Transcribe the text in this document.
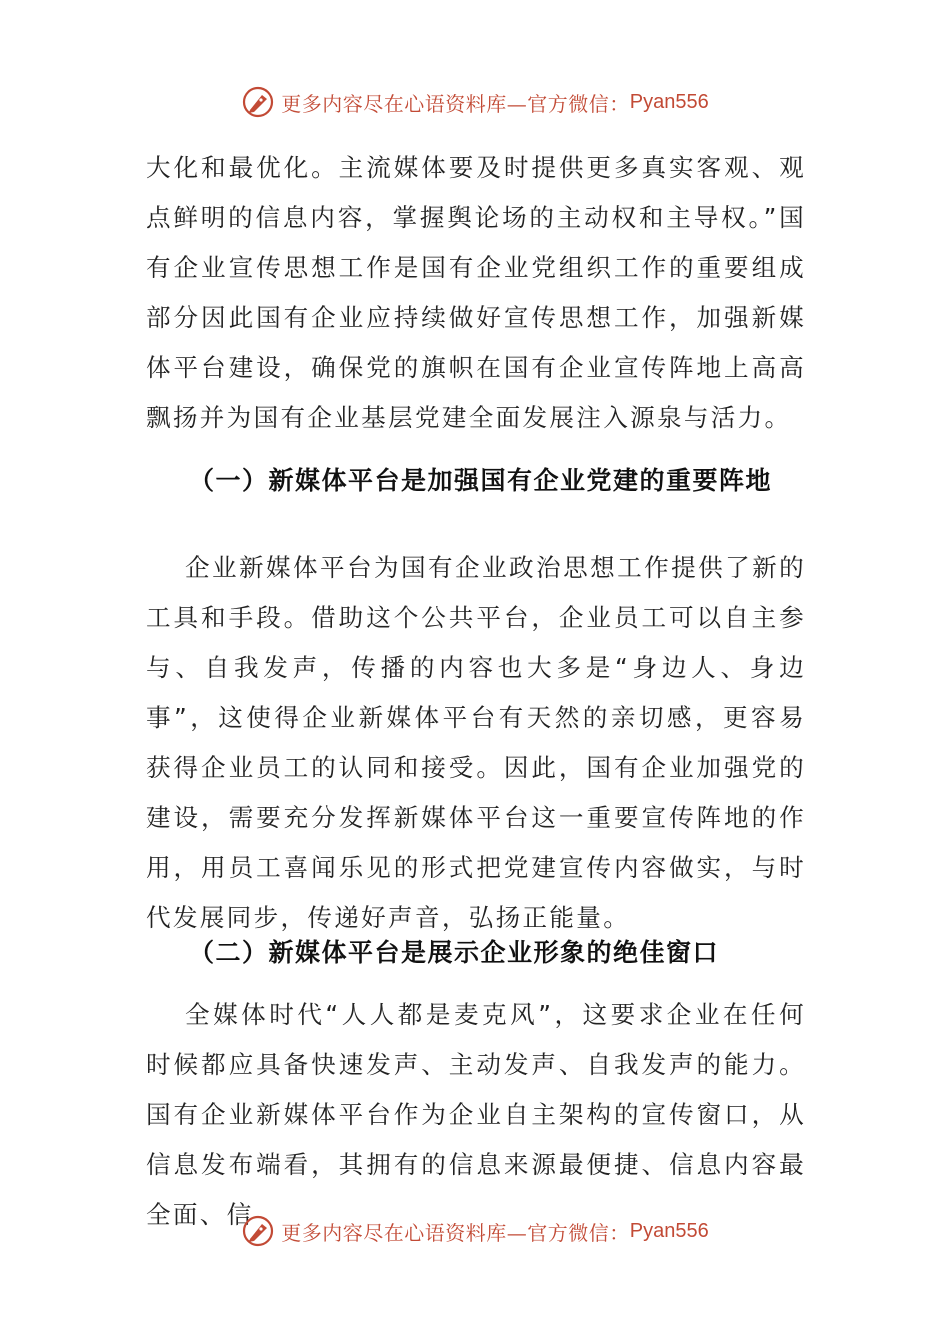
更多内容尽在心语资料库—官方微信： Pyan556
大化和最优化。主流媒体要及时提供更多真实客观、观点鲜明的信息内容，掌握舆论场的主动权和主导权。”国有企业宣传思想工作是国有企业党组织工作的重要组成部分因此国有企业应持续做好宣传思想工作，加强新媒体平台建设，确保党的旗帜在国有企业宣传阵地上高高飘扬并为国有企业基层党建全面发展注入源泉与活力。
（一）新媒体平台是加强国有企业党建的重要阵地
企业新媒体平台为国有企业政治思想工作提供了新的工具和手段。借助这个公共平台，企业员工可以自主参与、自我发声，传播的内容也大多是“身边人、身边事”，这使得企业新媒体平台有天然的亲切感，更容易获得企业员工的认同和接受。因此，国有企业加强党的建设，需要充分发挥新媒体平台这一重要宣传阵地的作用，用员工喜闻乐见的形式把党建宣传内容做实，与时代发展同步，传递好声音，弘扬正能量。
（二）新媒体平台是展示企业形象的绝佳窗口
全媒体时代“人人都是麦克风”，这要求企业在任何时候都应具备快速发声、主动发声、自我发声的能力。国有企业新媒体平台作为企业自主架构的宣传窗口，从信息发布端看，其拥有的信息来源最便捷、信息内容最全面、信
更多内容尽在心语资料库—官方微信： Pyan556
